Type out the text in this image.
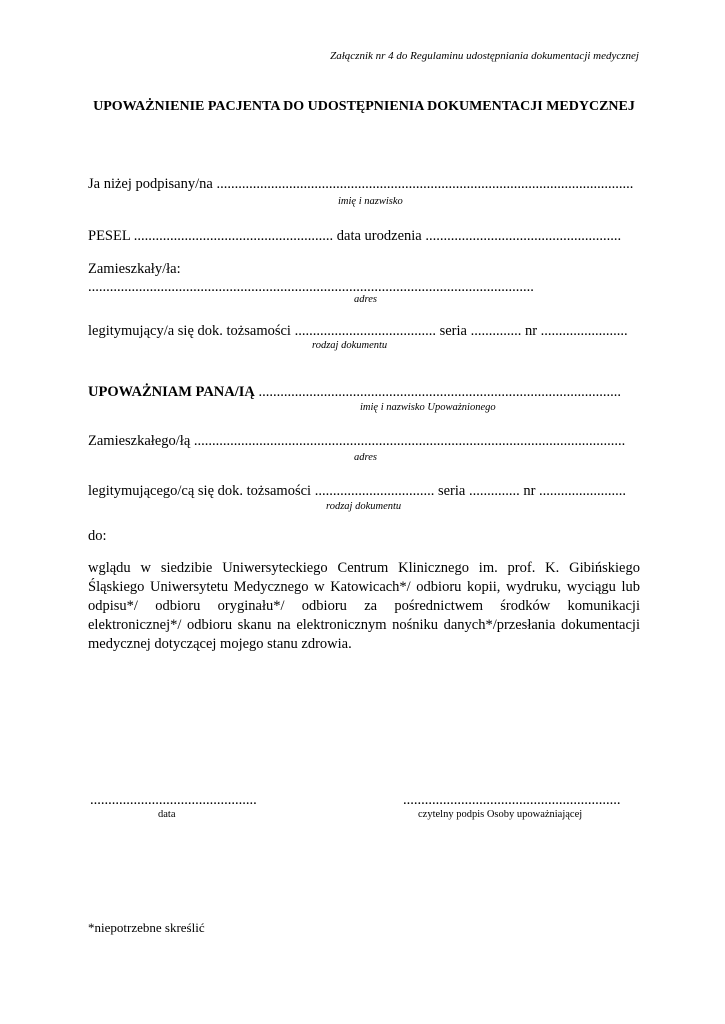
Załącznik nr 4 do Regulaminu udostępniania dokumentacji medycznej
UPOWAŻNIENIE PACJENTA DO UDOSTĘPNIENIA DOKUMENTACJI MEDYCZNEJ
Ja niżej podpisany/na ...................................................................................................................
imię i nazwisko
PESEL ....................................................... data urodzenia ......................................................
Zamieszkały/ła:
...........................................................................................................................
adres
legitymujący/a się dok. tożsamości ....................................... seria .............. nr ........................
rodzaj dokumentu
UPOWAŻNIAM PANA/IĄ ....................................................................................................
imię i nazwisko Upoważnionego
Zamieszkałego/łą .......................................................................................................................
adres
legitymującego/cą się dok. tożsamości ................................. seria .............. nr ........................
rodzaj dokumentu
do:
wglądu w siedzibie Uniwersyteckiego Centrum Klinicznego im. prof. K. Gibińskiego Śląskiego Uniwersytetu Medycznego w Katowicach*/ odbioru kopii, wydruku, wyciągu lub odpisu*/ odbioru oryginału*/ odbioru za pośrednictwem środków komunikacji elektronicznej*/ odbioru skanu na elektronicznym nośniku danych*/przesłania dokumentacji medycznej dotyczącej mojego stanu zdrowia.
..............................................
data
............................................................
czytelny podpis Osoby upoważniającej
*niepotrzebne skreślić
